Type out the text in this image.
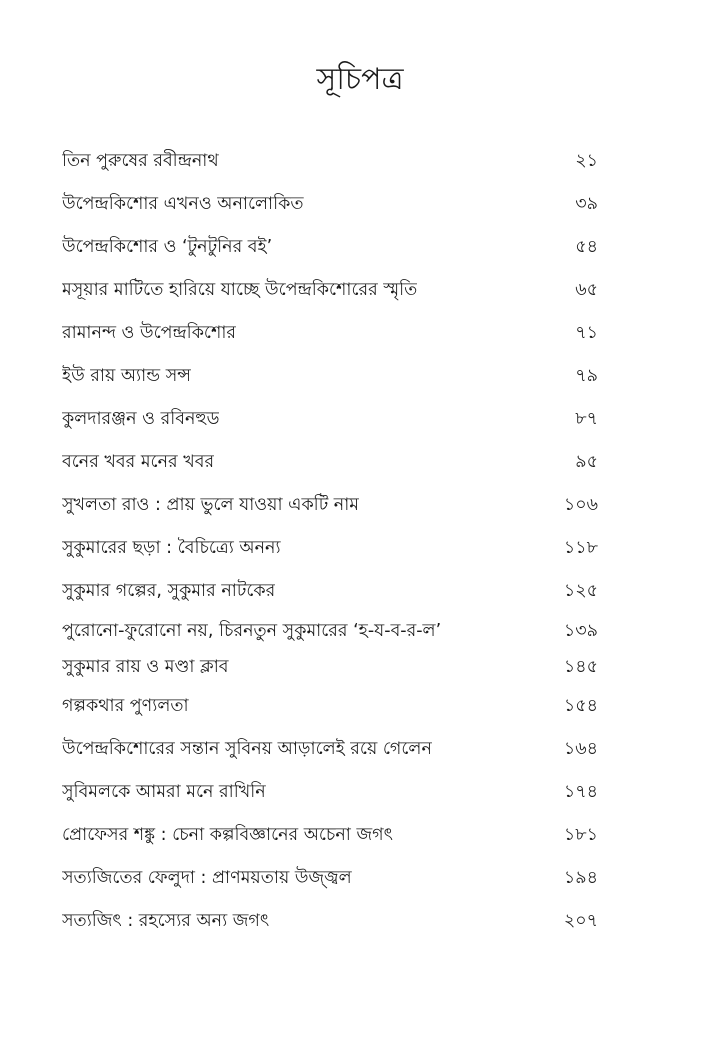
সূচিপত্র
তিন পুরুষের রবীন্দ্রনাথ	২১
উপেন্দ্রকিশোর এখনও অনালোকিত	৩৯
উপেন্দ্রকিশোর ও ‘টুনটুনির বই’	৫৪
মসূয়ার মাটিতে হারিয়ে যাচ্ছে উপেন্দ্রকিশোরের স্মৃতি	৬৫
রামানন্দ ও উপেন্দ্রকিশোর	৭১
ইউ রায় অ্যান্ড সন্স	৭৯
কুলদারঞ্জন ও রবিনহুড	৮৭
বনের খবর মনের খবর	৯৫
সুখলতা রাও : প্রায় ভুলে যাওয়া একটি নাম	১০৬
সুকুমারের ছড়া : বৈচিত্র্যে অনন্য	১১৮
সুকুমার গল্পের, সুকুমার নাটকের	১২৫
পুরোনো-ফুরোনো নয়, চিরনতুন সুকুমারের ‘হ-য-ব-র-ল’	১৩৯
সুকুমার রায় ও মণ্ডা ক্লাব	১৪৫
গল্পকথার পুণ্যলতা	১৫৪
উপেন্দ্রকিশোরের সন্তান সুবিনয় আড়ালেই রয়ে গেলেন	১৬৪
সুবিমলকে আমরা মনে রাখিনি	১৭৪
প্রোফেসর শঙ্কু : চেনা কল্পবিজ্ঞানের অচেনা জগৎ	১৮১
সত্যজিতের ফেলুদা : প্রাণময়তায় উজ্জ্বল	১৯৪
সত্যজিৎ : রহস্যের অন্য জগৎ	২০৭
